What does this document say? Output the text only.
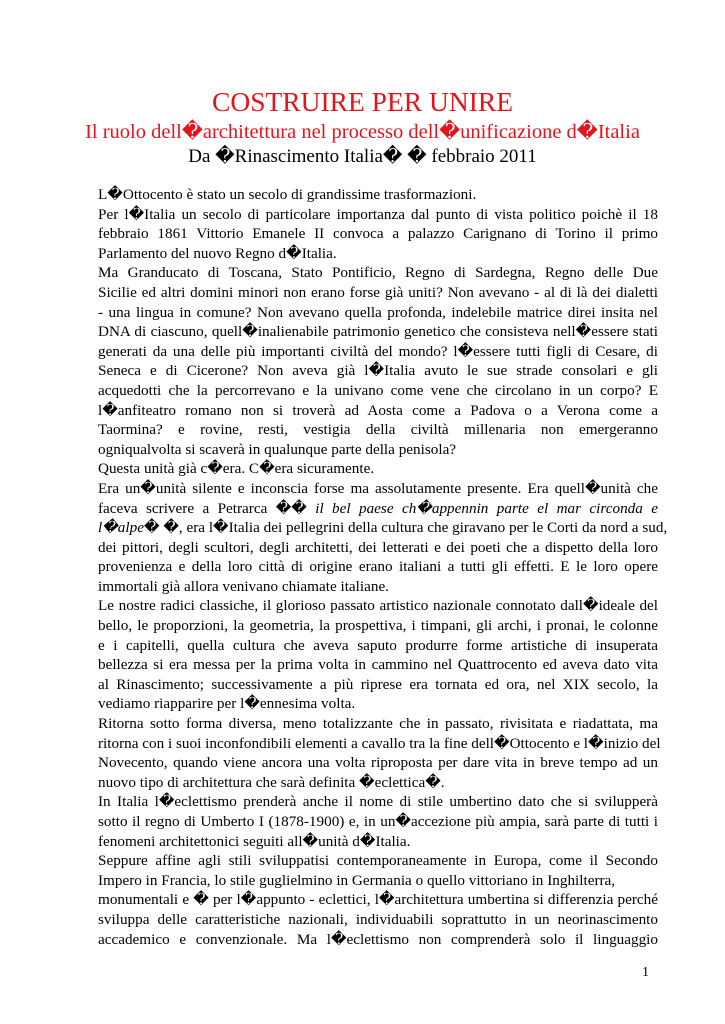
COSTRUIRE PER UNIRE
Il ruolo dell�architettura nel processo dell�unificazione d�Italia
Da �Rinascimento Italia� � febbraio 2011

L�Ottocento è stato un secolo di grandissime trasformazioni.

Per l�Italia un secolo di particolare importanza dal punto di vista politico poichè il 18

febbraio 1861 Vittorio Emanele II convoca a palazzo Carignano di Torino il primo

Parlamento del nuovo Regno d�Italia.

Ma Granducato di Toscana, Stato Pontificio, Regno di Sardegna, Regno delle Due

Sicilie ed altri domini minori non erano forse già uniti? Non avevano - al di là dei dialetti

- una lingua in comune? Non avevano quella profonda, indelebile matrice direi insita nel

DNA di ciascuno, quell�inalienabile patrimonio genetico che consisteva nell�essere stati

generati da una delle più importanti civiltà del mondo? l�essere tutti figli di Cesare, di

Seneca e di Cicerone? Non aveva già l�Italia avuto le sue strade consolari e gli

acquedotti che la percorrevano e la univano come vene che circolano in un corpo? E

l�anfiteatro romano non si troverà ad Aosta come a Padova o a Verona come a

Taormina? e rovine, resti, vestigia della civiltà millenaria non emergeranno

ogniqualvolta si scaverà in qualunque parte della penisola?

Questa unità già c�era. C�era sicuramente.

Era un�unità silente e inconscia forse ma assolutamente presente. Era quell�unità che

faceva scrivere a Petrarca �� il bel paese ch�appennin parte el mar circonda e

l�alpe� �, era l�Italia dei pellegrini della cultura che giravano per le Corti da nord a sud,

dei pittori, degli scultori, degli architetti, dei letterati e dei poeti che a dispetto della loro

provenienza e della loro città di origine erano italiani a tutti gli effetti. E le loro opere

immortali già allora venivano chiamate italiane.

Le nostre radici classiche, il glorioso passato artistico nazionale connotato dall�ideale del

bello, le proporzioni, la geometria, la prospettiva, i timpani, gli archi, i pronai, le colonne

e i capitelli, quella cultura che aveva saputo produrre forme artistiche di insuperata

bellezza si era messa per la prima volta in cammino nel Quattrocento ed aveva dato vita

al Rinascimento; successivamente a più riprese era tornata ed ora, nel XIX secolo, la

vediamo riapparire per l�ennesima volta.

Ritorna sotto forma diversa, meno totalizzante che in passato, rivisitata e riadattata, ma

ritorna con i suoi inconfondibili elementi a cavallo tra la fine dell�Ottocento e l�inizio del

Novecento, quando viene ancora una volta riproposta per dare vita in breve tempo ad un

nuovo tipo di architettura che sarà definita �eclettica�.

In Italia l�eclettismo prenderà anche il nome di stile umbertino dato che si svilupperà

sotto il regno di Umberto I (1878-1900) e, in un�accezione più ampia, sarà parte di tutti i

fenomeni architettonici seguiti all�unità d�Italia.

Seppure affine agli stili sviluppatisi contemporaneamente in Europa, come il Secondo

Impero in Francia, lo stile guglielmino in Germania o quello vittoriano in Inghilterra,

monumentali e � per l�appunto - eclettici, l�architettura umbertina si differenzia perché

sviluppa delle caratteristiche nazionali, individuabili soprattutto in un neorinascimento

accademico e convenzionale. Ma l�eclettismo non comprenderà solo il linguaggio

1
